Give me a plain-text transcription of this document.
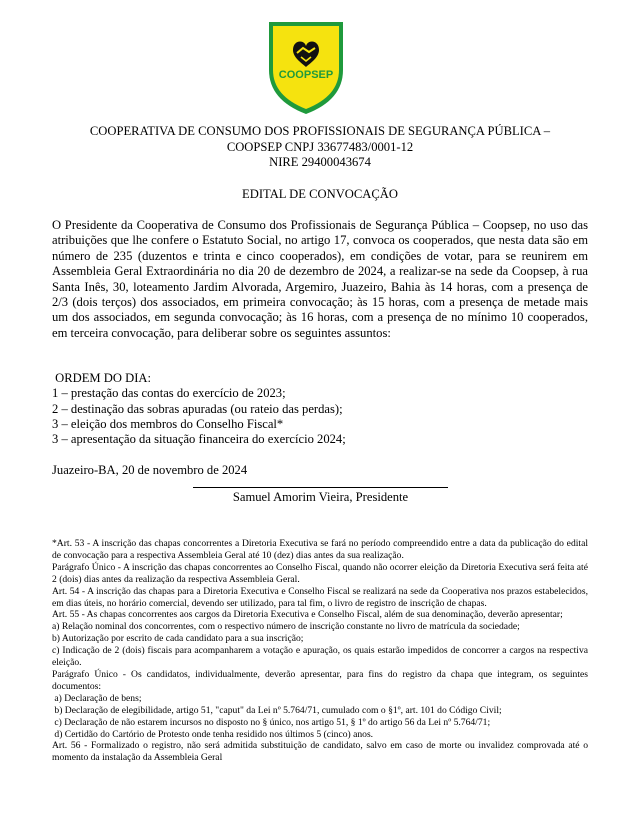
COOPSEP
COOPERATIVA DE CONSUMO DOS PROFISSIONAIS DE SEGURANÇA PÚBLICA –
COOPSEP CNPJ 33677483/0001-12
NIRE 29400043674
EDITAL DE CONVOCAÇÃO

O Presidente da Cooperativa de Consumo dos Profissionais de Segurança Pública – Coopsep, no uso das atribuições que lhe confere o Estatuto Social, no artigo 17, convoca os cooperados, que nesta data são em número de 235 (duzentos e trinta e cinco cooperados), em condições de votar, para se reunirem em Assembleia Geral Extraordinária no dia 20 de dezembro de 2024, a realizar-se na sede da Coopsep, à rua Santa Inês, 30, loteamento Jardim Alvorada, Argemiro, Juazeiro, Bahia às 14 horas, com a presença de 2/3 (dois terços) dos associados, em primeira convocação; às 15 horas, com a presença de metade mais um dos associados, em segunda convocação; às 16 horas, com a presença de no mínimo 10 cooperados, em terceira convocação, para deliberar sobre os seguintes assuntos:

ORDEM DO DIA:
1 – prestação das contas do exercício de 2023;
2 – destinação das sobras apuradas (ou rateio das perdas);
3 – eleição dos membros do Conselho Fiscal*
3 – apresentação da situação financeira do exercício 2024;
Juazeiro-BA, 20 de novembro de 2024
Samuel Amorim Vieira, Presidente

*Art. 53 - A inscrição das chapas concorrentes a Diretoria Executiva se fará no período compreendido entre a data da publicação do edital de convocação para a respectiva Assembleia Geral até 10 (dez) dias antes da sua realização.

Parágrafo Único - A inscrição das chapas concorrentes ao Conselho Fiscal, quando não ocorrer eleição da Diretoria Executiva será feita até 2 (dois) dias antes da realização da respectiva Assembleia Geral.

Art. 54 - A inscrição das chapas para a Diretoria Executiva e Conselho Fiscal se realizará na sede da Cooperativa nos prazos estabelecidos, em dias úteis, no horário comercial, devendo ser utilizado, para tal fim, o livro de registro de inscrição de chapas.

Art. 55 - As chapas concorrentes aos cargos da Diretoria Executiva e Conselho Fiscal, além de sua denominação, deverão apresentar;

a) Relação nominal dos concorrentes, com o respectivo número de inscrição constante no livro de matrícula da sociedade;

b) Autorização por escrito de cada candidato para a sua inscrição;

c) Indicação de 2 (dois) fiscais para acompanharem a votação e apuração, os quais estarão impedidos de concorrer a cargos na respectiva eleição.

Parágrafo Único - Os candidatos, individualmente, deverão apresentar, para fins do registro da chapa que integram, os seguintes documentos:

a) Declaração de bens;

b) Declaração de elegibilidade, artigo 51, "caput" da Lei nº 5.764/71, cumulado com o §1º, art. 101 do Código Civil;

c) Declaração de não estarem incursos no disposto no § único, nos artigo 51, § 1º do artigo 56 da Lei nº 5.764/71;

d) Certidão do Cartório de Protesto onde tenha residido nos últimos 5 (cinco) anos.

Art. 56 - Formalizado o registro, não será admitida substituição de candidato, salvo em caso de morte ou invalidez comprovada até o momento da instalação da Assembleia Geral
